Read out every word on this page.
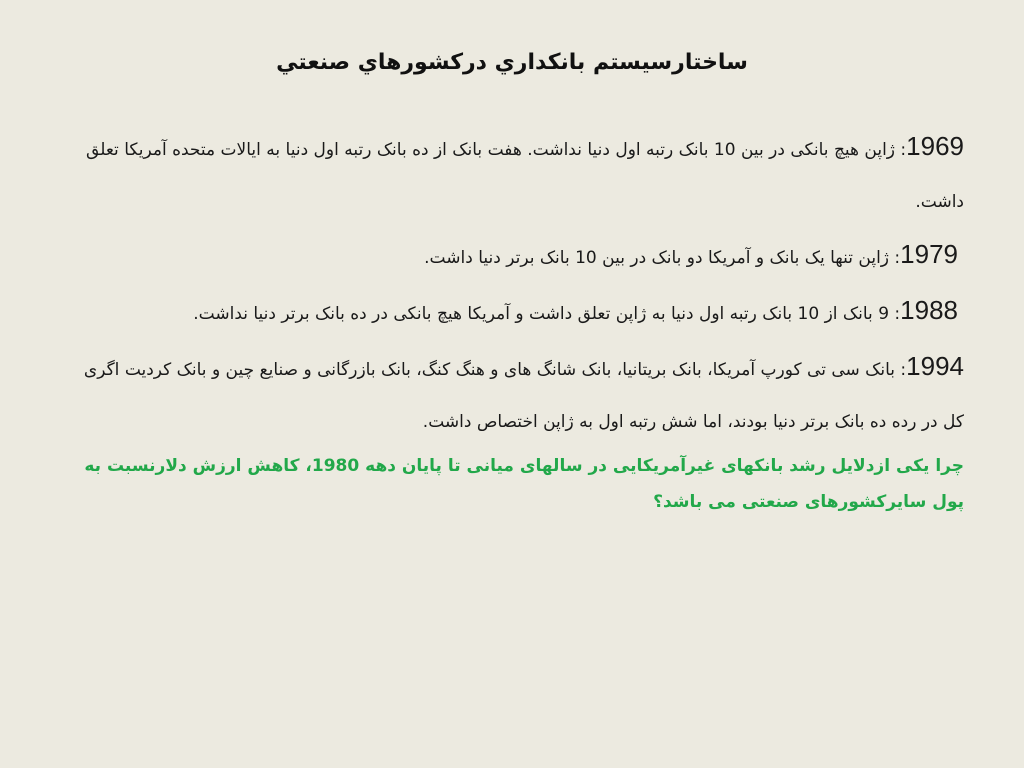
ساختارسیستم بانکداري درکشورهاي صنعتي

1969: ژاپن هیچ بانکی در بین 10 بانک رتبه اول دنیا نداشت. هفت بانک از ده بانک رتبه اول دنیا به ایالات متحده آمریکا تعلق داشت.

1979: ژاپن تنها یک بانک و آمریکا دو بانک در بین 10 بانک برتر دنیا داشت.

1988: 9 بانک از 10 بانک رتبه اول دنیا به ژاپن تعلق داشت و آمریکا هیچ بانکی در ده بانک برتر دنیا نداشت.

1994: بانک سی تی کورپ آمریکا، بانک بریتانیا، بانک شانگ های و هنگ کنگ، بانک بازرگانی و صنایع چین و بانک کردیت اگری کل در رده ده بانک برتر دنیا بودند، اما شش رتبه اول به ژاپن اختصاص داشت.

چرا یکی ازدلایل رشد بانکهای غیرآمریکایی در سالهای میانی تا پایان دهه 1980، کاهش ارزش دلارنسبت به پول سایرکشورهای صنعتی می باشد؟
